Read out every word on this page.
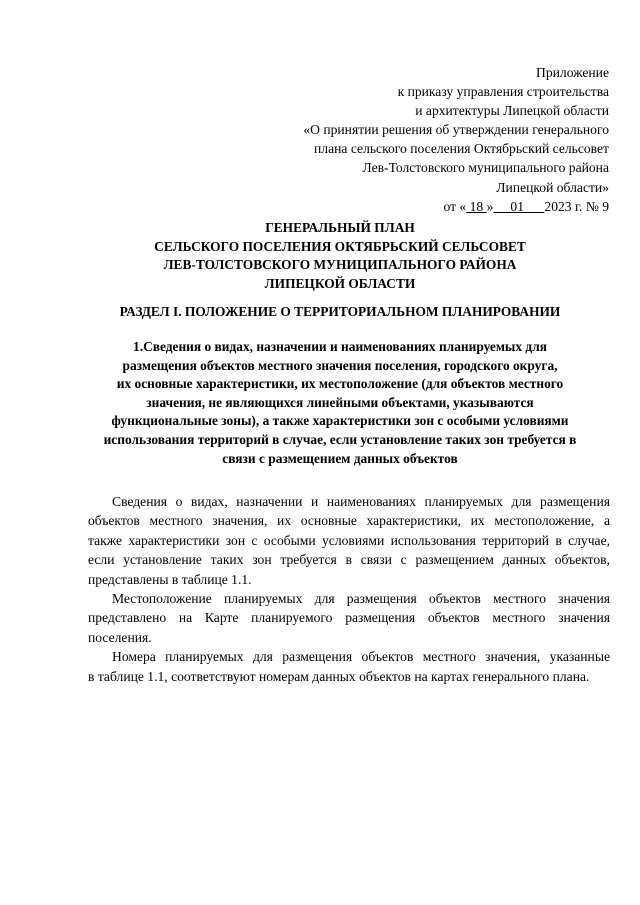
Приложение
к приказу управления строительства
и архитектуры Липецкой области
«О принятии решения об утверждении генерального
плана сельского поселения Октябрьский сельсовет
Лев-Толстовского муниципального района
Липецкой области»
от « 18 »     01      2023 г. № 9
ГЕНЕРАЛЬНЫЙ ПЛАН
СЕЛЬСКОГО ПОСЕЛЕНИЯ ОКТЯБРЬСКИЙ СЕЛЬСОВЕТ
ЛЕВ-ТОЛСТОВСКОГО МУНИЦИПАЛЬНОГО РАЙОНА
ЛИПЕЦКОЙ ОБЛАСТИ
РАЗДЕЛ I. ПОЛОЖЕНИЕ О ТЕРРИТОРИАЛЬНОМ ПЛАНИРОВАНИИ
1.Сведения о видах, назначении и наименованиях планируемых для
размещения объектов местного значения поселения, городского округа,
их основные характеристики, их местоположение (для объектов местного
значения, не являющихся линейными объектами, указываются
функциональные зоны), а также характеристики зон с особыми условиями
использования территорий в случае, если установление таких зон требуется в
связи с размещением данных объектов
Сведения о видах, назначении и наименованиях планируемых для размещения
объектов местного значения, их основные характеристики, их местоположение, а
также характеристики зон с особыми условиями использования территорий в случае,
если установление таких зон требуется в связи с размещением данных объектов,
представлены в таблице 1.1.
Местоположение планируемых для размещения объектов местного значения
представлено на Карте планируемого размещения объектов местного значения
поселения.
Номера планируемых для размещения объектов местного значения, указанные
в таблице 1.1, соответствуют номерам данных объектов на картах генерального плана.
